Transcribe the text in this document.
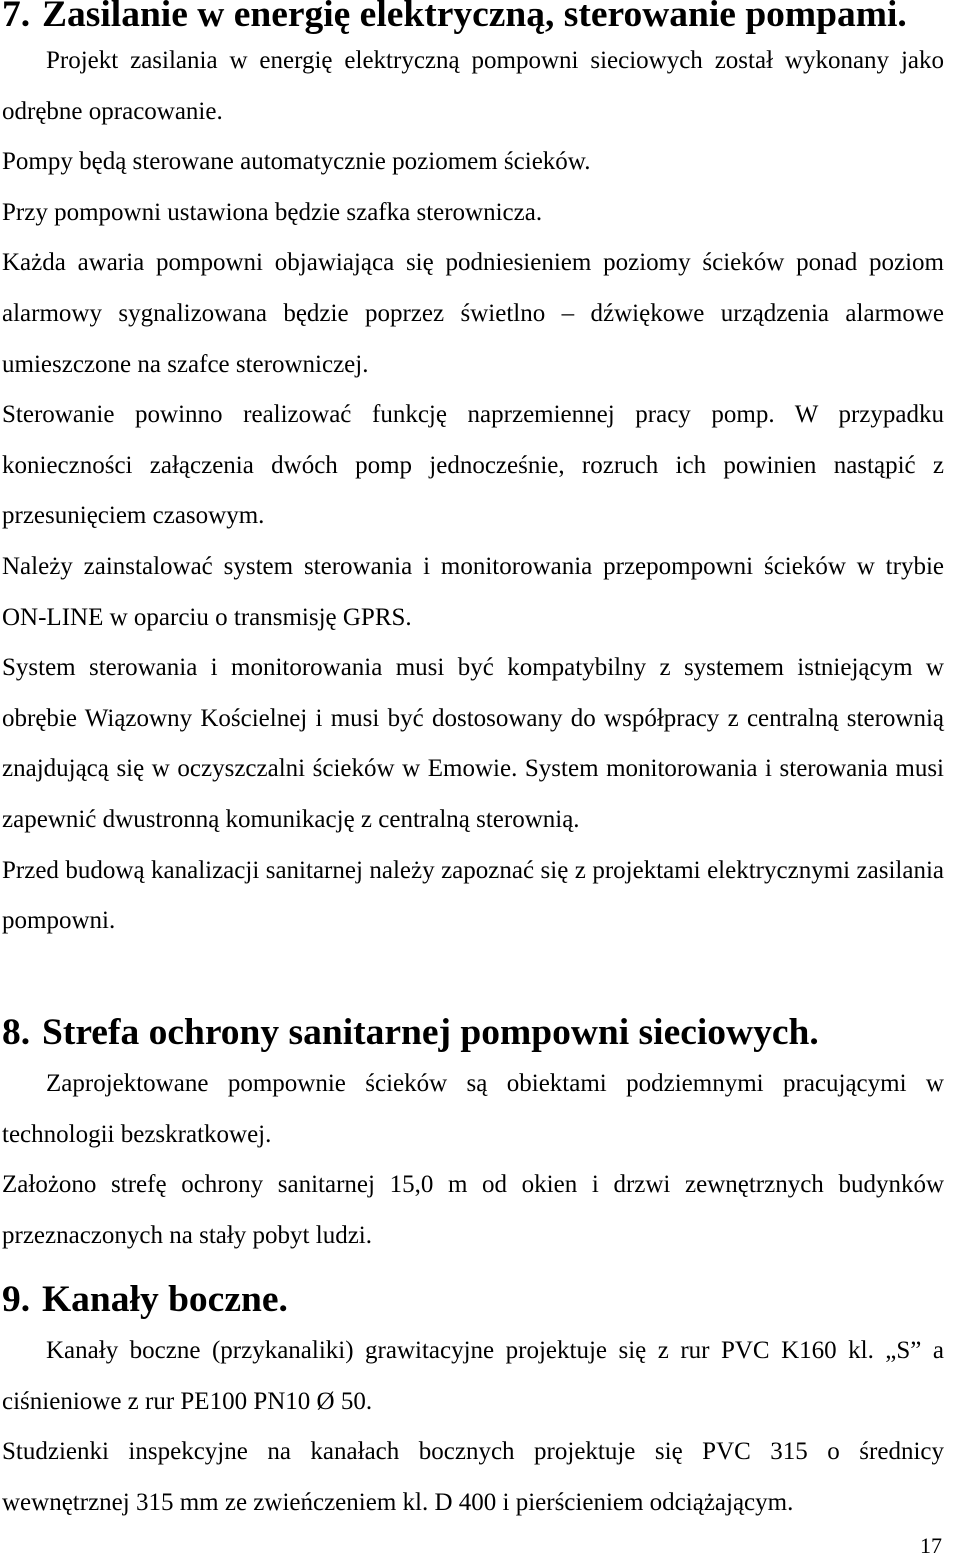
7. Zasilanie w energię elektryczną, sterowanie pompami.

Projekt zasilania w energię elektryczną pompowni sieciowych został wykonany jako odrębne opracowanie.

Pompy będą sterowane automatycznie poziomem ścieków.

Przy pompowni ustawiona będzie szafka sterownicza.

Każda awaria pompowni objawiająca się podniesieniem poziomy ścieków ponad poziom alarmowy sygnalizowana będzie poprzez świetlno – dźwiękowe urządzenia alarmowe umieszczone na szafce sterowniczej.

Sterowanie powinno realizować funkcję naprzemiennej pracy pomp. W przypadku konieczności załączenia dwóch pomp jednocześnie, rozruch ich powinien nastąpić z przesunięciem czasowym.

Należy zainstalować system sterowania i monitorowania przepompowni ścieków w trybie ON-LINE w oparciu o transmisję GPRS.

System sterowania i monitorowania musi być kompatybilny z systemem istniejącym w obrębie Wiązowny Kościelnej i musi być dostosowany do współpracy z centralną sterownią znajdującą się w oczyszczalni ścieków w Emowie. System monitorowania i sterowania musi zapewnić dwustronną komunikację z centralną sterownią.

Przed budową kanalizacji sanitarnej należy zapoznać się z projektami elektrycznymi zasilania pompowni.

8. Strefa ochrony sanitarnej pompowni sieciowych.

Zaprojektowane pompownie ścieków są obiektami podziemnymi pracującymi w technologii bezskratkowej.

Założono strefę ochrony sanitarnej 15,0 m od okien i drzwi zewnętrznych budynków przeznaczonych na stały pobyt ludzi.

9. Kanały boczne.

Kanały boczne (przykanaliki) grawitacyjne projektuje się z rur PVC K160 kl. „S” a ciśnieniowe z rur PE100 PN10 Ø 50.

Studzienki inspekcyjne na kanałach bocznych projektuje się PVC 315 o średnicy wewnętrznej 315 mm ze zwieńczeniem kl. D 400 i pierścieniem odciążającym.

17
